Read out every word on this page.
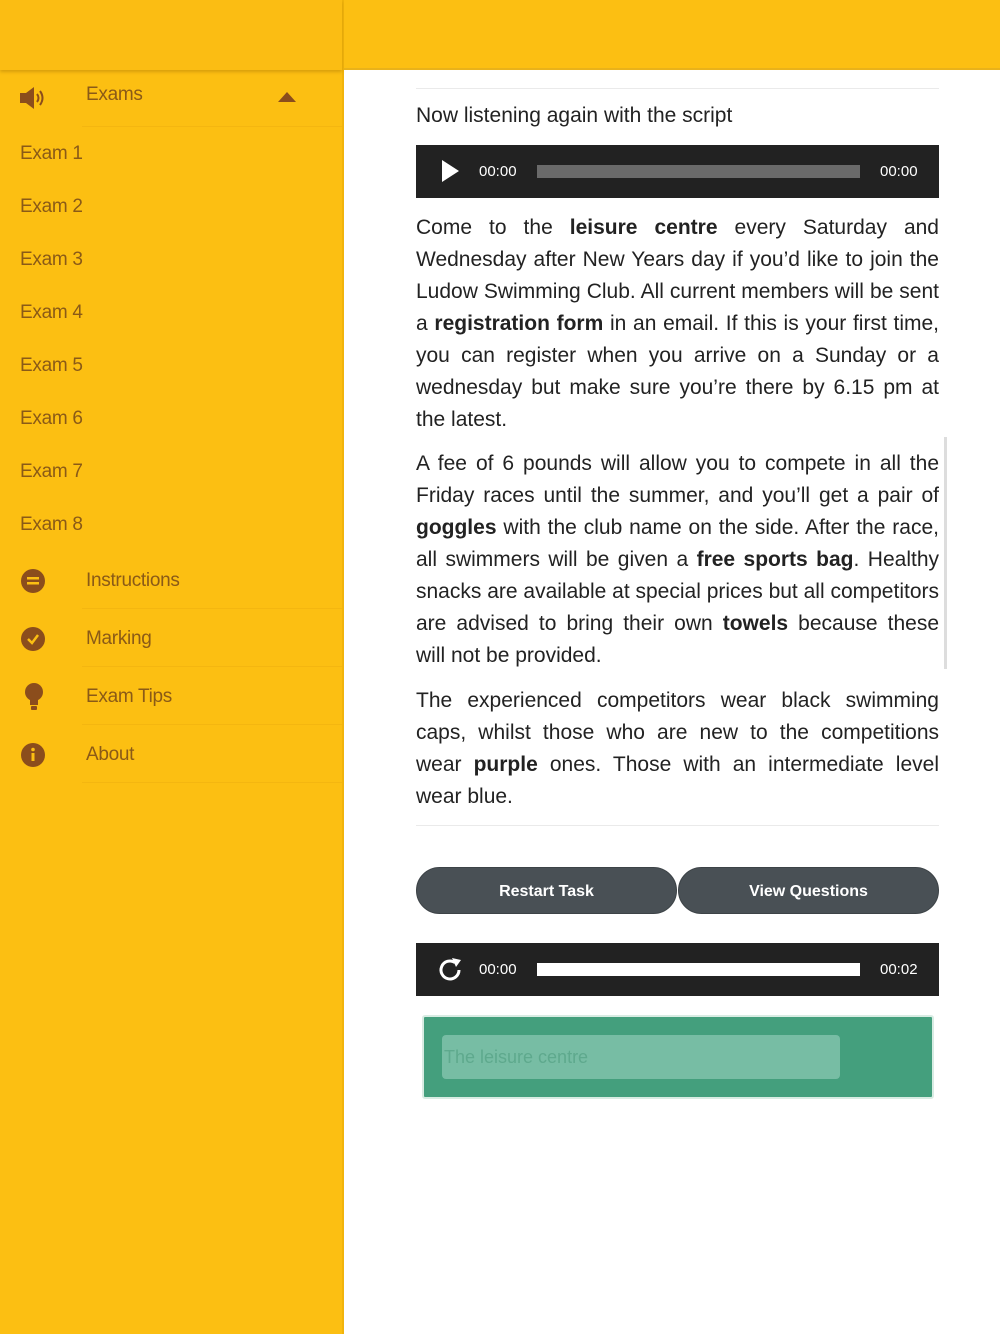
Exams
Exam 1
Exam 2
Exam 3
Exam 4
Exam 5
Exam 6
Exam 7
Exam 8
Instructions
Marking
Exam Tips
About
Now listening again with the script
00:00	00:00

Come to the leisure centre every Saturday and Wednesday after New Years day if you’d like to join the Ludow Swimming Club. All current members will be sent a registration form in an email. If this is your first time, you can register when you arrive on a Sunday or a wednesday but make sure you’re there by 6.15 pm at the latest.

A fee of 6 pounds will allow you to compete in all the Friday races until the summer, and you’ll get a pair of goggles with the club name on the side. After the race, all swimmers will be given a free sports bag. Healthy snacks are available at special prices but all competitors are advised to bring their own towels because these will not be provided.

The experienced competitors wear black swimming caps, whilst those who are new to the competitions wear purple ones. Those with an intermediate level wear blue.

Restart Task	View Questions
00:00	00:02
The leisure centre
